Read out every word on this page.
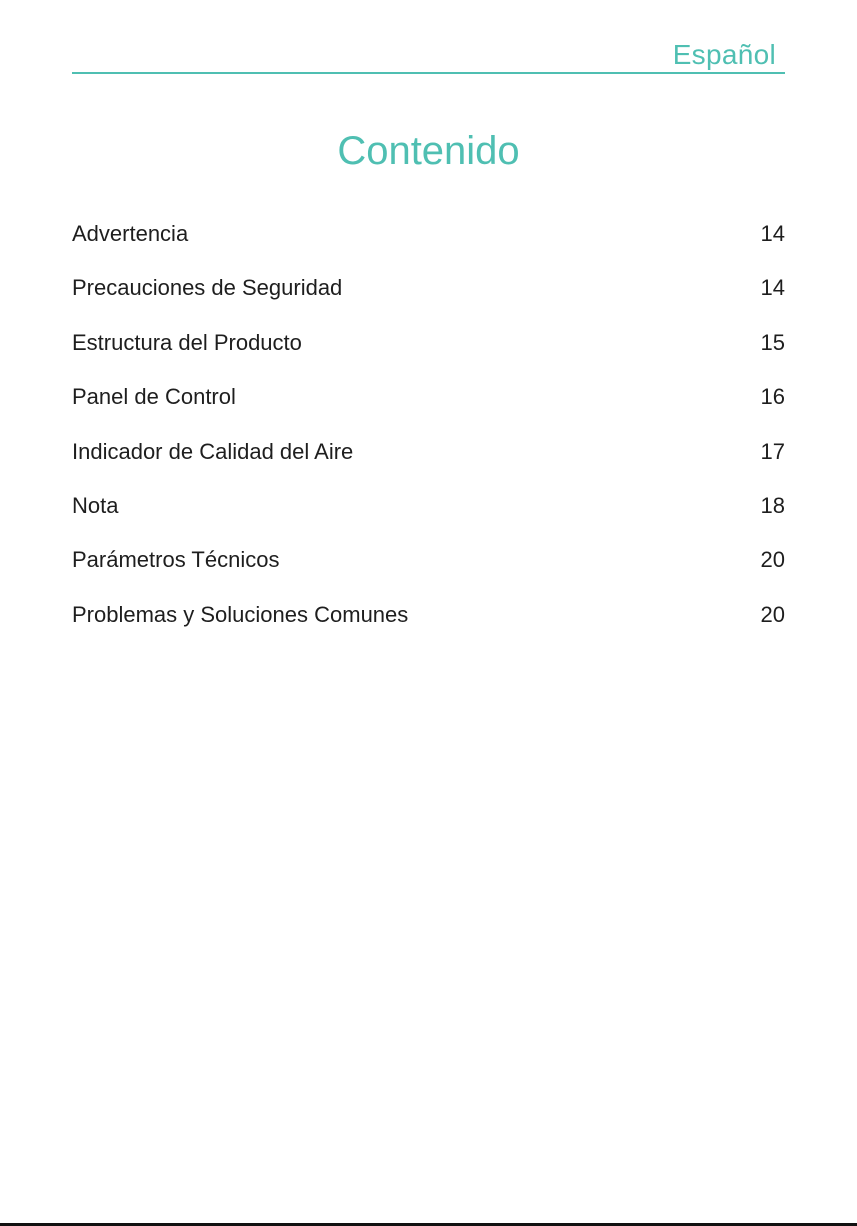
Español
Contenido
Advertencia	14
Precauciones de Seguridad	14
Estructura del Producto	15
Panel de Control	16
Indicador de Calidad del Aire	17
Nota	18
Parámetros Técnicos	20
Problemas y Soluciones Comunes	20
